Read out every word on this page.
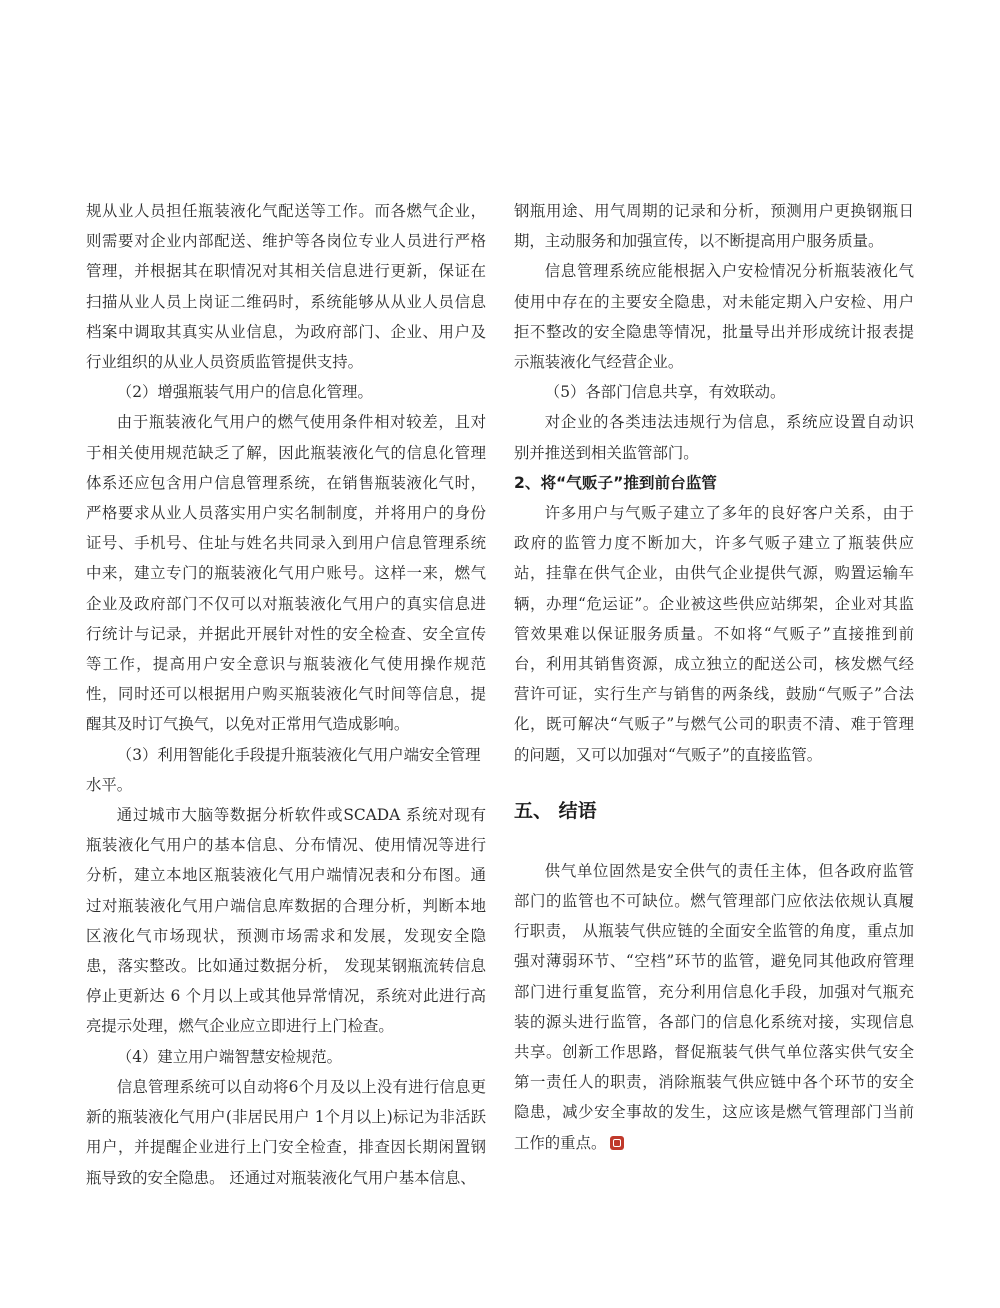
规从业人员担任瓶装液化气配送等工作。而各燃气企业，则需要对企业内部配送、维护等各岗位专业人员进行严格管理，并根据其在职情况对其相关信息进行更新，保证在扫描从业人员上岗证二维码时，系统能够从从业人员信息档案中调取其真实从业信息，为政府部门、企业、用户及行业组织的从业人员资质监管提供支持。

（2）增强瓶装气用户的信息化管理。

由于瓶装液化气用户的燃气使用条件相对较差，且对于相关使用规范缺乏了解，因此瓶装液化气的信息化管理体系还应包含用户信息管理系统，在销售瓶装液化气时，严格要求从业人员落实用户实名制制度，并将用户的身份证号、手机号、住址与姓名共同录入到用户信息管理系统中来，建立专门的瓶装液化气用户账号。这样一来，燃气企业及政府部门不仅可以对瓶装液化气用户的真实信息进行统计与记录，并据此开展针对性的安全检查、安全宣传等工作，提高用户安全意识与瓶装液化气使用操作规范性，同时还可以根据用户购买瓶装液化气时间等信息，提醒其及时订气换气，以免对正常用气造成影响。

（3）利用智能化手段提升瓶装液化气用户端安全管理水平。

通过城市大脑等数据分析软件或SCADA 系统对现有瓶装液化气用户的基本信息、分布情况、使用情况等进行分析，建立本地区瓶装液化气用户端情况表和分布图。通过对瓶装液化气用户端信息库数据的合理分析，判断本地区液化气市场现状，预测市场需求和发展，发现安全隐患，落实整改。比如通过数据分析， 发现某钢瓶流转信息停止更新达 6 个月以上或其他异常情况，系统对此进行高亮提示处理，燃气企业应立即进行上门检查。

（4）建立用户端智慧安检规范。

信息管理系统可以自动将6个月及以上没有进行信息更新的瓶装液化气用户(非居民用户 1个月以上)标记为非活跃用户，并提醒企业进行上门安全检查，排查因长期闲置钢瓶导致的安全隐患。 还通过对瓶装液化气用户基本信息、

钢瓶用途、用气周期的记录和分析，预测用户更换钢瓶日期，主动服务和加强宣传，以不断提高用户服务质量。

信息管理系统应能根据入户安检情况分析瓶装液化气使用中存在的主要安全隐患，对未能定期入户安检、用户拒不整改的安全隐患等情况，批量导出并形成统计报表提示瓶装液化气经营企业。

（5）各部门信息共享，有效联动。

对企业的各类违法违规行为信息，系统应设置自动识别并推送到相关监管部门。

2、将“气贩子”推到前台监管

许多用户与气贩子建立了多年的良好客户关系，由于政府的监管力度不断加大，许多气贩子建立了瓶装供应站，挂靠在供气企业，由供气企业提供气源，购置运输车辆，办理“危运证”。企业被这些供应站绑架，企业对其监管效果难以保证服务质量。不如将“气贩子”直接推到前台，利用其销售资源，成立独立的配送公司，核发燃气经营许可证，实行生产与销售的两条线，鼓励“气贩子”合法化，既可解决“气贩子”与燃气公司的职责不清、难于管理的问题，又可以加强对“气贩子”的直接监管。

五、 结语

供气单位固然是安全供气的责任主体，但各政府监管部门的监管也不可缺位。燃气管理部门应依法依规认真履行职责， 从瓶装气供应链的全面安全监管的角度，重点加强对薄弱环节、“空档”环节的监管，避免同其他政府管理部门进行重复监管，充分利用信息化手段，加强对气瓶充装的源头进行监管，各部门的信息化系统对接，实现信息共享。创新工作思路，督促瓶装气供气单位落实供气安全第一责任人的职责，消除瓶装气供应链中各个环节的安全隐患，减少安全事故的发生，这应该是燃气管理部门当前工作的重点。
